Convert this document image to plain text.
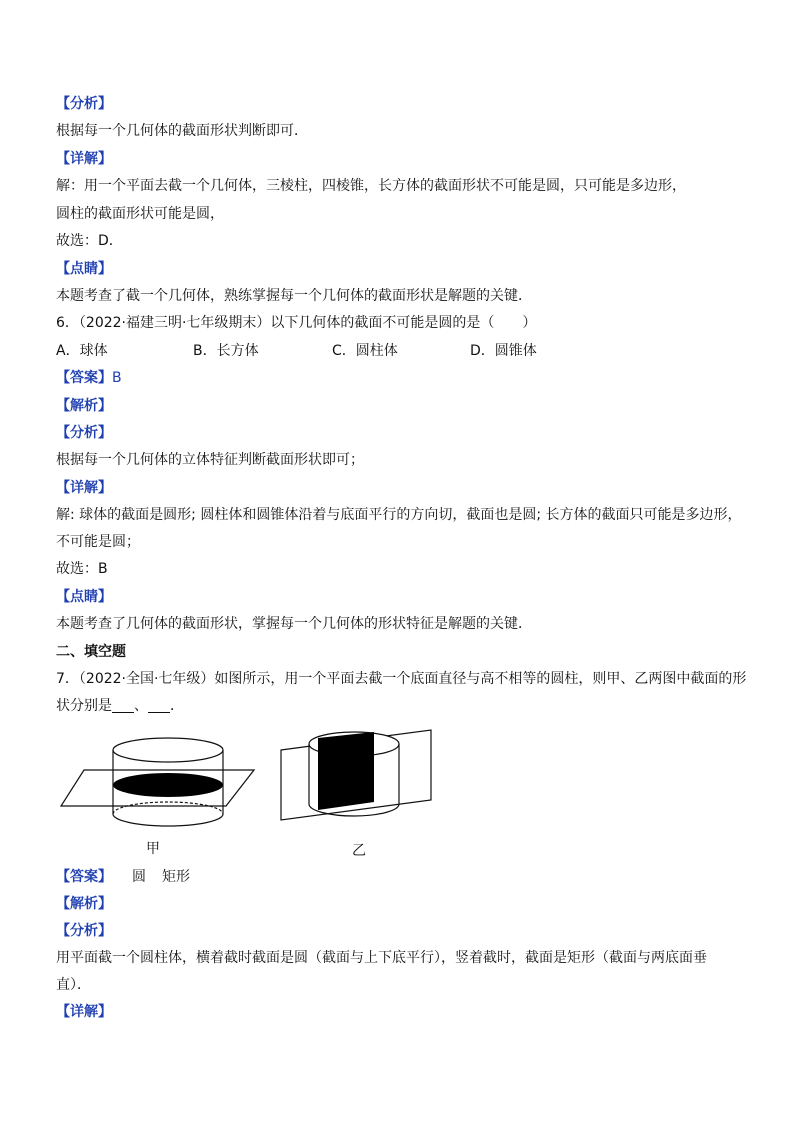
【分析】
根据每一个几何体的截面形状判断即可．
【详解】
解：用一个平面去截一个几何体，三棱柱，四棱锥，长方体的截面形状不可能是圆，只可能是多边形，
圆柱的截面形状可能是圆，
故选：D．
【点睛】
本题考查了截一个几何体，熟练掌握每一个几何体的截面形状是解题的关键．
6．（2022·福建三明·七年级期末）以下几何体的截面不可能是圆的是（　　）
A．球体	B．长方体	C．圆柱体	D．圆锥体
【答案】B
【解析】
【分析】
根据每一个几何体的立体特征判断截面形状即可；
【详解】
解: 球体的截面是圆形; 圆柱体和圆锥体沿着与底面平行的方向切，截面也是圆; 长方体的截面只可能是多边形，
不可能是圆；
故选：B
【点睛】
本题考查了几何体的截面形状，掌握每一个几何体的形状特征是解题的关键．
二、填空题
7．（2022·全国·七年级）如图所示，用一个平面去截一个底面直径与高不相等的圆柱，则甲、乙两图中截面的形
状分别是 、 ．
甲	乙
【答案】 圆 矩形
【解析】
【分析】
用平面截一个圆柱体，横着截时截面是圆（截面与上下底平行），竖着截时，截面是矩形（截面与两底面垂
直）．
【详解】
